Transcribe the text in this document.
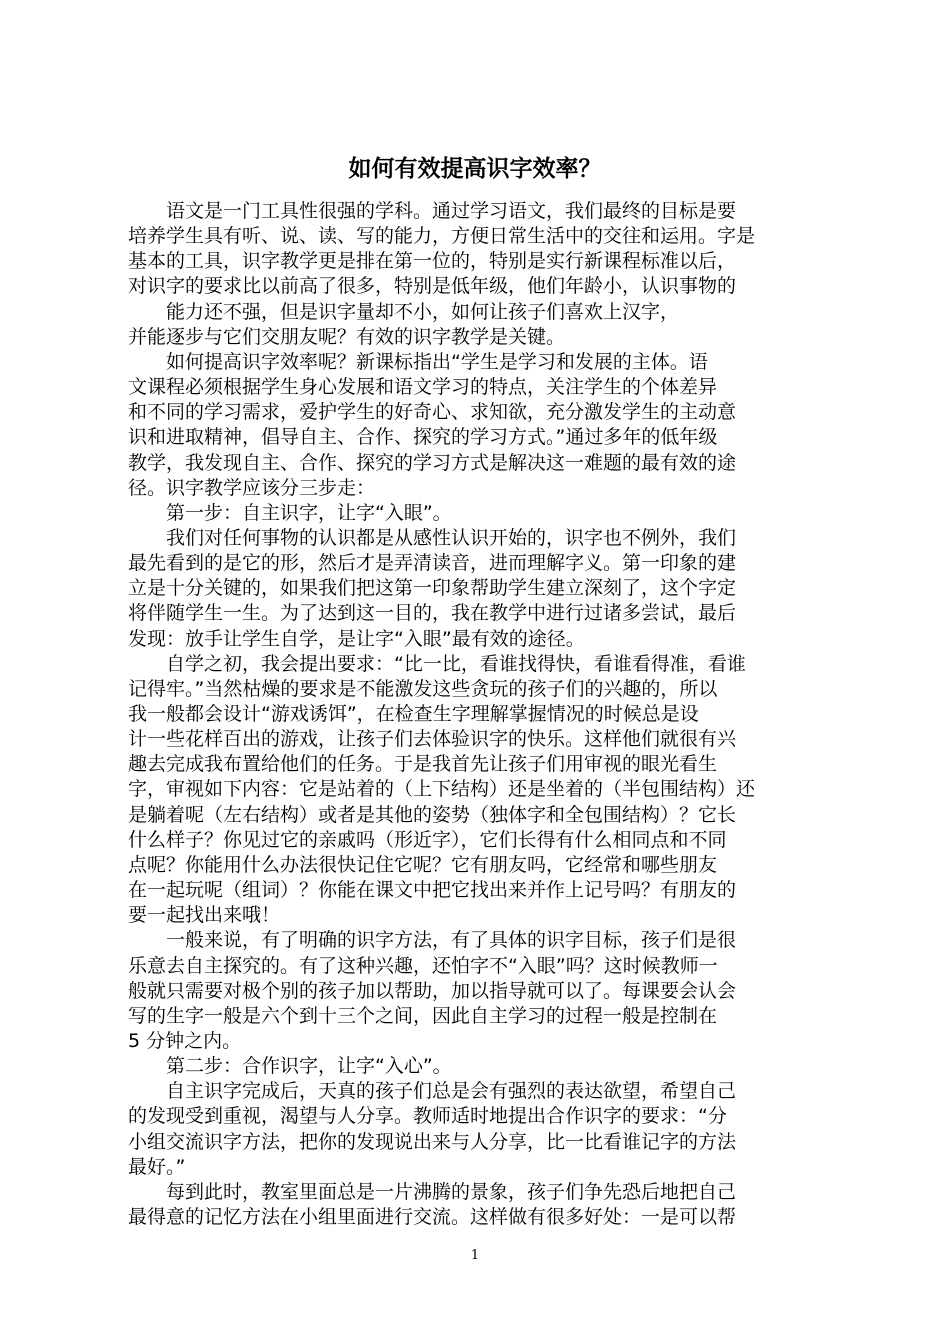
如何有效提高识字效率？
　　语文是一门工具性很强的学科。通过学习语文，我们最终的目标是要
培养学生具有听、说、读、写的能力，方便日常生活中的交往和运用。字是
基本的工具，识字教学更是排在第一位的，特别是实行新课程标准以后，
对识字的要求比以前高了很多，特别是低年级，他们年龄小，认识事物的
　　能力还不强，但是识字量却不小，如何让孩子们喜欢上汉字，
并能逐步与它们交朋友呢？有效的识字教学是关键。
　　如何提高识字效率呢？新课标指出“学生是学习和发展的主体。语
文课程必须根据学生身心发展和语文学习的特点，关注学生的个体差异
和不同的学习需求，爱护学生的好奇心、求知欲，充分激发学生的主动意
识和进取精神，倡导自主、合作、探究的学习方式。”通过多年的低年级
教学，我发现自主、合作、探究的学习方式是解决这一难题的最有效的途
径。识字教学应该分三步走：
　　第一步：自主识字，让字“入眼”。
　　我们对任何事物的认识都是从感性认识开始的，识字也不例外，我们
最先看到的是它的形，然后才是弄清读音，进而理解字义。第一印象的建
立是十分关键的，如果我们把这第一印象帮助学生建立深刻了，这个字定
将伴随学生一生。为了达到这一目的，我在教学中进行过诸多尝试，最后
发现：放手让学生自学，是让字“入眼”最有效的途径。
　　自学之初，我会提出要求：“比一比，看谁找得快，看谁看得准，看谁
记得牢。”当然枯燥的要求是不能激发这些贪玩的孩子们的兴趣的，所以
我一般都会设计“游戏诱饵”，在检查生字理解掌握情况的时候总是设
计一些花样百出的游戏，让孩子们去体验识字的快乐。这样他们就很有兴
趣去完成我布置给他们的任务。于是我首先让孩子们用审视的眼光看生
字，审视如下内容：它是站着的（上下结构）还是坐着的（半包围结构）还
是躺着呢（左右结构）或者是其他的姿势（独体字和全包围结构）？它长
什么样子？你见过它的亲戚吗（形近字），它们长得有什么相同点和不同
点呢？你能用什么办法很快记住它呢？它有朋友吗，它经常和哪些朋友
在一起玩呢（组词）？你能在课文中把它找出来并作上记号吗？有朋友的
要一起找出来哦！
　　一般来说，有了明确的识字方法，有了具体的识字目标，孩子们是很
乐意去自主探究的。有了这种兴趣，还怕字不“入眼”吗？这时候教师一
般就只需要对极个别的孩子加以帮助，加以指导就可以了。每课要会认会
写的生字一般是六个到十三个之间，因此自主学习的过程一般是控制在
5 分钟之内。
　　第二步：合作识字，让字“入心”。
　　自主识字完成后，天真的孩子们总是会有强烈的表达欲望，希望自己
的发现受到重视，渴望与人分享。教师适时地提出合作识字的要求：“分
小组交流识字方法，把你的发现说出来与人分享，比一比看谁记字的方法
最好。”
　　每到此时，教室里面总是一片沸腾的景象，孩子们争先恐后地把自己
最得意的记忆方法在小组里面进行交流。这样做有很多好处：一是可以帮
1
